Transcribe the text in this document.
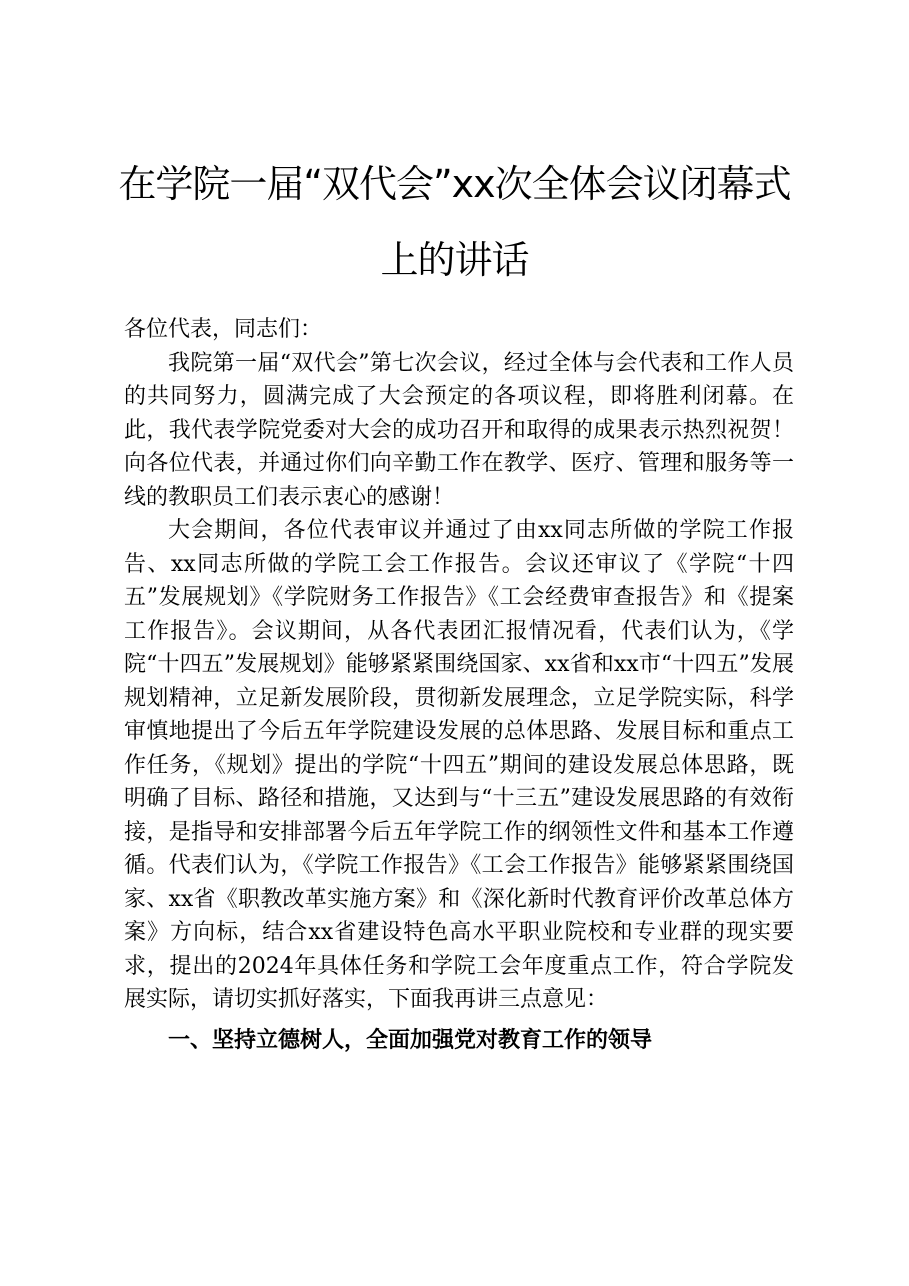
在学院一届“双代会”xx次全体会议闭幕式
上的讲话

各位代表，同志们：

我院第一届“双代会”第七次会议，经过全体与会代表和工作人员的共同努力，圆满完成了大会预定的各项议程，即将胜利闭幕。在此，我代表学院党委对大会的成功召开和取得的成果表示热烈祝贺！向各位代表，并通过你们向辛勤工作在教学、医疗、管理和服务等一线的教职员工们表示衷心的感谢！

大会期间，各位代表审议并通过了由xx同志所做的学院工作报告、xx同志所做的学院工会工作报告。会议还审议了《学院“十四五”发展规划》《学院财务工作报告》《工会经费审查报告》和《提案工作报告》。会议期间，从各代表团汇报情况看，代表们认为，《学院“十四五”发展规划》能够紧紧围绕国家、xx省和xx市“十四五”发展规划精神，立足新发展阶段，贯彻新发展理念，立足学院实际，科学审慎地提出了今后五年学院建设发展的总体思路、发展目标和重点工作任务，《规划》提出的学院“十四五”期间的建设发展总体思路，既明确了目标、路径和措施，又达到与“十三五”建设发展思路的有效衔接，是指导和安排部署今后五年学院工作的纲领性文件和基本工作遵循。代表们认为，《学院工作报告》《工会工作报告》能够紧紧围绕国家、xx省《职教改革实施方案》和《深化新时代教育评价改革总体方案》方向标，结合xx省建设特色高水平职业院校和专业群的现实要求，提出的2024年具体任务和学院工会年度重点工作，符合学院发展实际，请切实抓好落实，下面我再讲三点意见：

一、坚持立德树人，全面加强党对教育工作的领导
